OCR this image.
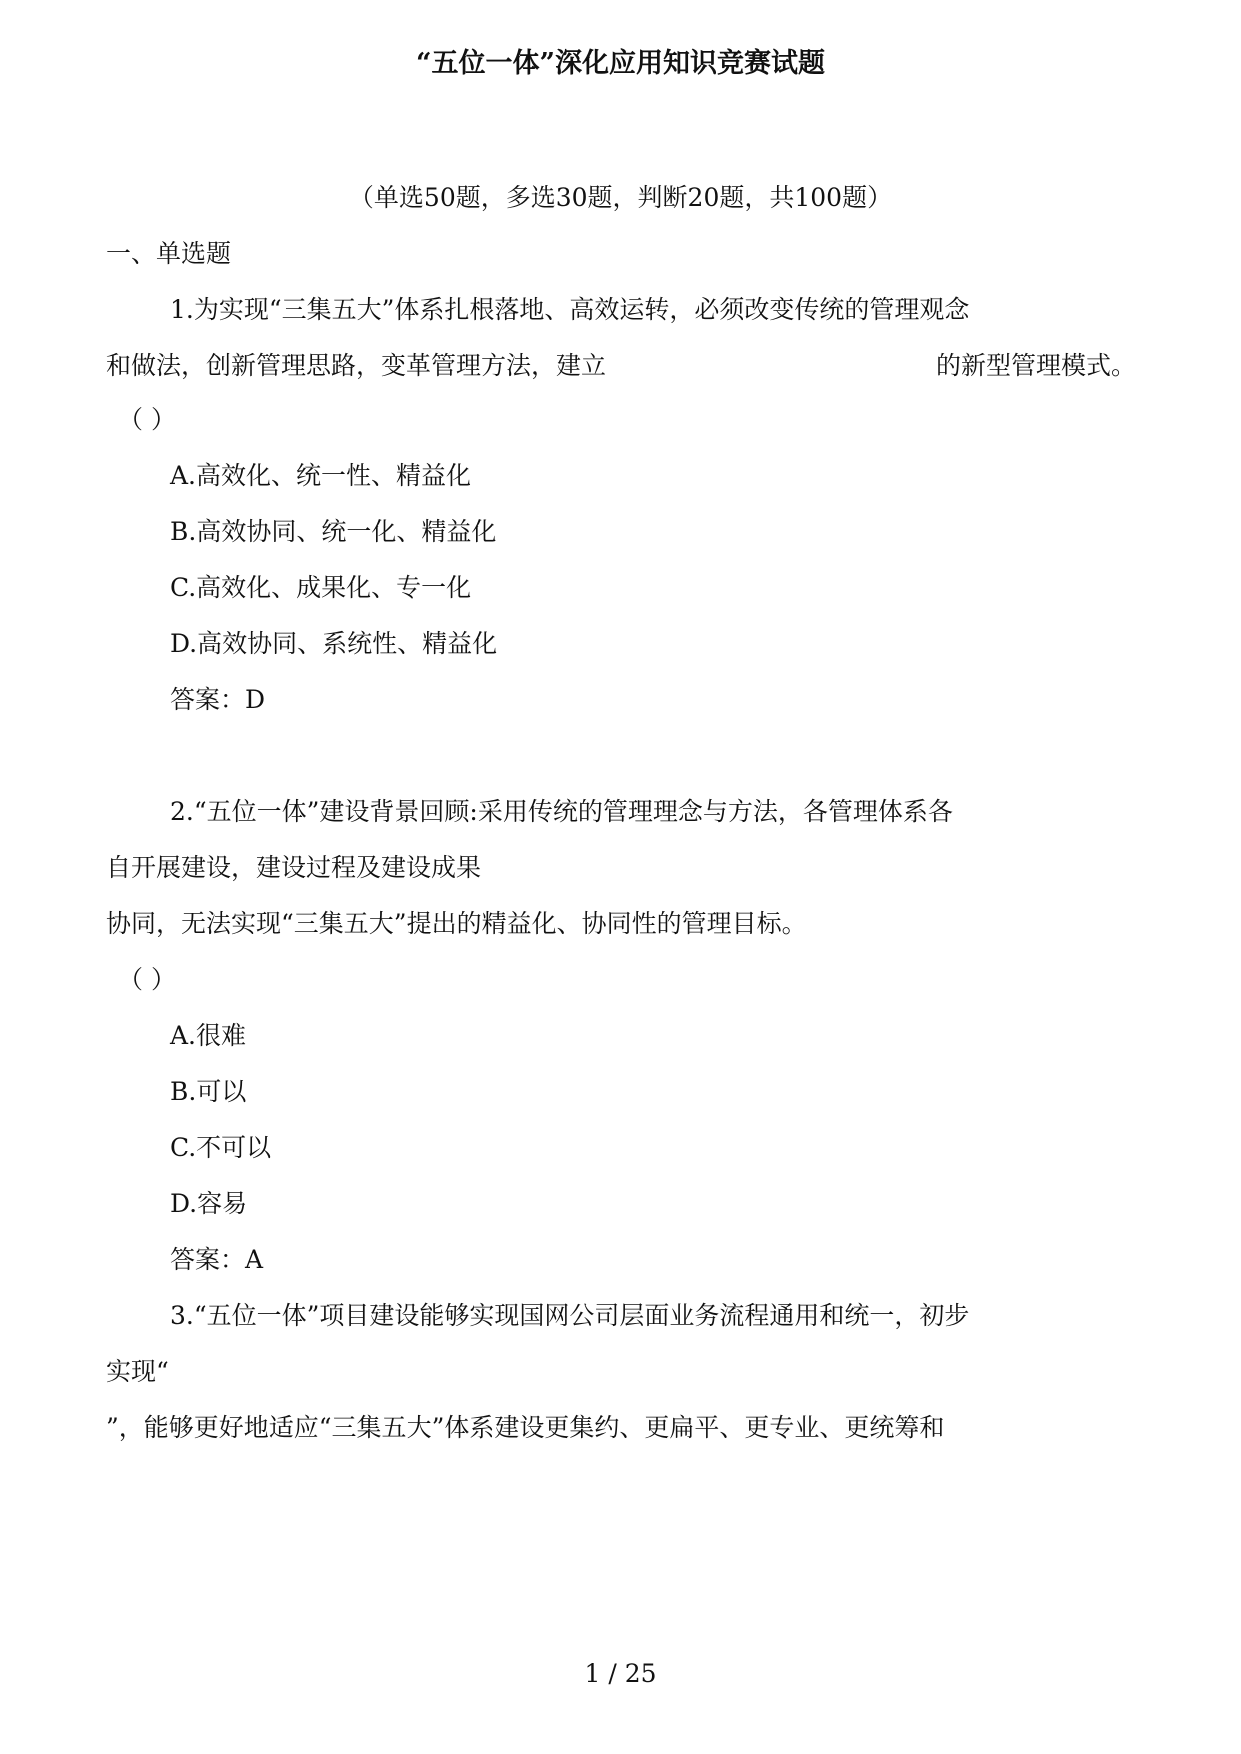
“五位一体”深化应用知识竞赛试题
（单选50题，多选30题，判断20题，共100题）
一、单选题
1.为实现“三集五大”体系扎根落地、高效运转，必须改变传统的管理观念
和做法，创新管理思路，变革管理方法，建立	的新型管理模式。
（ ）
A.高效化、统一性、精益化
B.高效协同、统一化、精益化
C.高效化、成果化、专一化
D.高效协同、系统性、精益化
答案：D
2.“五位一体”建设背景回顾:采用传统的管理理念与方法，各管理体系各
自开展建设，建设过程及建设成果
协同，无法实现“三集五大”提出的精益化、协同性的管理目标。
（ ）
A.很难
B.可以
C.不可以
D.容易
答案：A
3.“五位一体”项目建设能够实现国网公司层面业务流程通用和统一，初步
实现“
”，能够更好地适应“三集五大”体系建设更集约、更扁平、更专业、更统筹和
1 / 25
